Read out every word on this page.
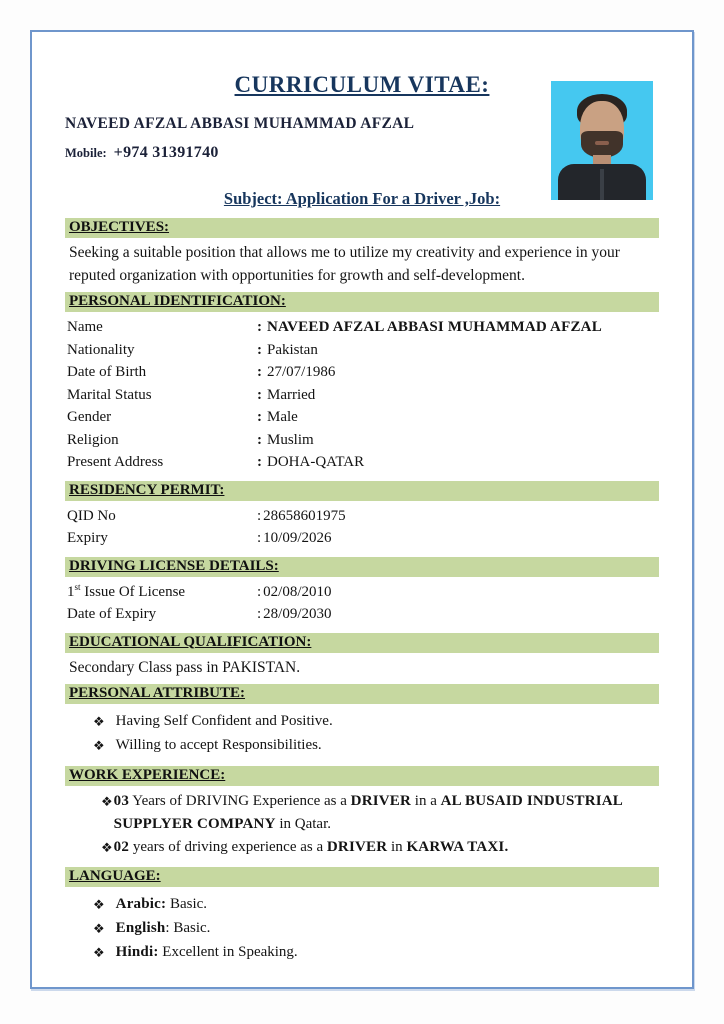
CURRICULUM VITAE:
NAVEED AFZAL ABBASI MUHAMMAD AFZAL
Mobile: +974 31391740
Subject: Application For a Driver ,Job:
OBJECTIVES:
Seeking a suitable position that allows me to utilize my creativity and experience in your reputed organization with opportunities for growth and self-development.
PERSONAL IDENTIFICATION:
Name	: NAVEED AFZAL ABBASI MUHAMMAD AFZAL
Nationality	: Pakistan
Date of Birth	: 27/07/1986
Marital Status	: Married
Gender	: Male
Religion	: Muslim
Present Address	: DOHA-QATAR
RESIDENCY PERMIT:
QID No	: 28658601975
Expiry	: 10/09/2026
DRIVING LICENSE DETAILS:
1st Issue Of License	: 02/08/2010
Date of Expiry	: 28/09/2030
EDUCATIONAL QUALIFICATION:
Secondary Class pass in PAKISTAN.
PERSONAL ATTRIBUTE:
❖ Having Self Confident and Positive.
❖ Willing to accept Responsibilities.
WORK EXPERIENCE:
❖ 03 Years of DRIVING Experience as a DRIVER in a AL BUSAID INDUSTRIAL SUPPLYER COMPANY in Qatar.
❖ 02 years of driving experience as a DRIVER in KARWA TAXI.
LANGUAGE:
❖ Arabic: Basic.
❖ English: Basic.
❖ Hindi: Excellent in Speaking.
